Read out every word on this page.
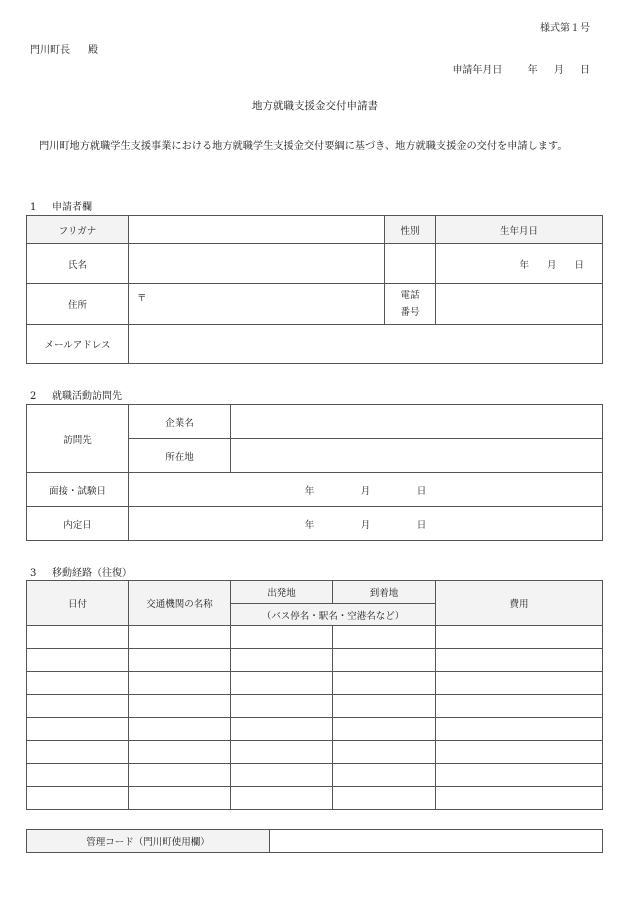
様式第１号
門川町長 殿
申請年月日	年 月 日
地方就職支援金交付申請書
門川町地方就職学生支援事業における地方就職学生支援金交付要綱に基づき、地方就職支援金の交付を申請します。
1 申請者欄
フリガナ		性別	生年月日
氏名			年 月 日
住所	〒	電話
番号	
メールアドレス			
2 就職活動訪問先
訪問先	企業名	
	所在地	
面接・試験日	年 月 日	
内定日	年 月 日	
3 移動経路（往復）
日付	交通機関の名称	出発地	到着地	費用
		（バス停名・駅名・空港名など）		

管理コード（門川町使用欄）	
